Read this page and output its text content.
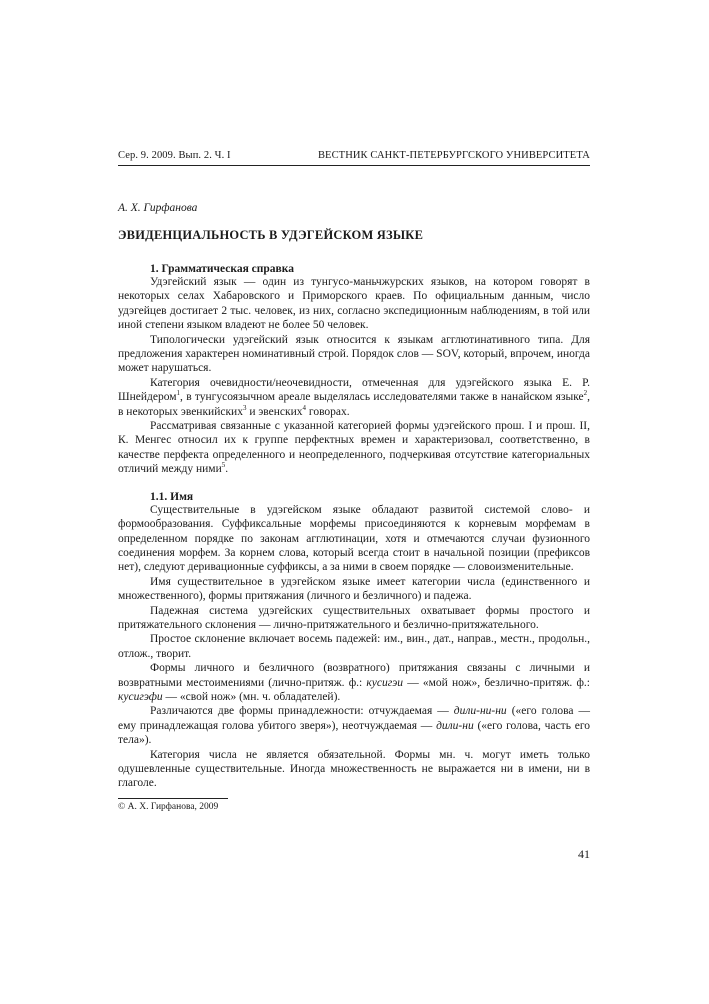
Сер. 9. 2009. Вып. 2. Ч. I	ВЕСТНИК САНКТ-ПЕТЕРБУРГСКОГО УНИВЕРСИТЕТА
А. Х. Гирфанова
ЭВИДЕНЦИАЛЬНОСТЬ В УДЭГЕЙСКОМ ЯЗЫКЕ
1. Грамматическая справка

Удэгейский язык — один из тунгусо-маньчжурских языков, на котором говорят в некоторых селах Хабаровского и Приморского краев. По официальным данным, число удэгейцев достигает 2 тыс. человек, из них, согласно экспедиционным наблюдениям, в той или иной степени языком владеют не более 50 человек.

Типологически удэгейский язык относится к языкам агглютинативного типа. Для предложения характерен номинативный строй. Порядок слов — SOV, который, впрочем, иногда может нарушаться.

Категория очевидности/неочевидности, отмеченная для удэгейского языка Е. Р. Шнейдером$^1$, в тунгусоязычном ареале выделялась исследователями также в нанайском языке$^2$, в некоторых эвенкийских$^3$ и эвенских$^4$ говорах.

Рассматривая связанные с указанной категорией формы удэгейского прош. I и прош. II, К. Менгес относил их к группе перфектных времен и характеризовал, соответственно, в качестве перфекта определенного и неопределенного, подчеркивая отсутствие категориальных отличий между ними$^5$.

1.1. Имя

Существительные в удэгейском языке обладают развитой системой слово- и формообразования. Суффиксальные морфемы присоединяются к корневым морфемам в определенном порядке по законам агглютинации, хотя и отмечаются случаи фузионного соединения морфем. За корнем слова, который всегда стоит в начальной позиции (префиксов нет), следуют деривационные суффиксы, а за ними в своем порядке — словоизменительные.

Имя существительное в удэгейском языке имеет категории числа (единственного и множественного), формы притяжания (личного и безличного) и падежа.

Падежная система удэгейских существительных охватывает формы простого и притяжательного склонения — лично-притяжательного и безлично-притяжательного.

Простое склонение включает восемь падежей: им., вин., дат., направ., местн., продольн., отлож., творит.

Формы личного и безличного (возвратного) притяжания связаны с личными и возвратными местоимениями (лично-притяж. ф.: кусигэи — «мой нож», безлично-притяж. ф.: кусигэфи — «свой нож» (мн. ч. обладателей).

Различаются две формы принадлежности: отчуждаемая — дили-ни-ни («его голова — ему принадлежащая голова убитого зверя»), неотчуждаемая — дили-ни («его голова, часть его тела»).

Категория числа не является обязательной. Формы мн. ч. могут иметь только одушевленные существительные. Иногда множественность не выражается ни в имени, ни в глаголе.

© А. Х. Гирфанова, 2009
41
